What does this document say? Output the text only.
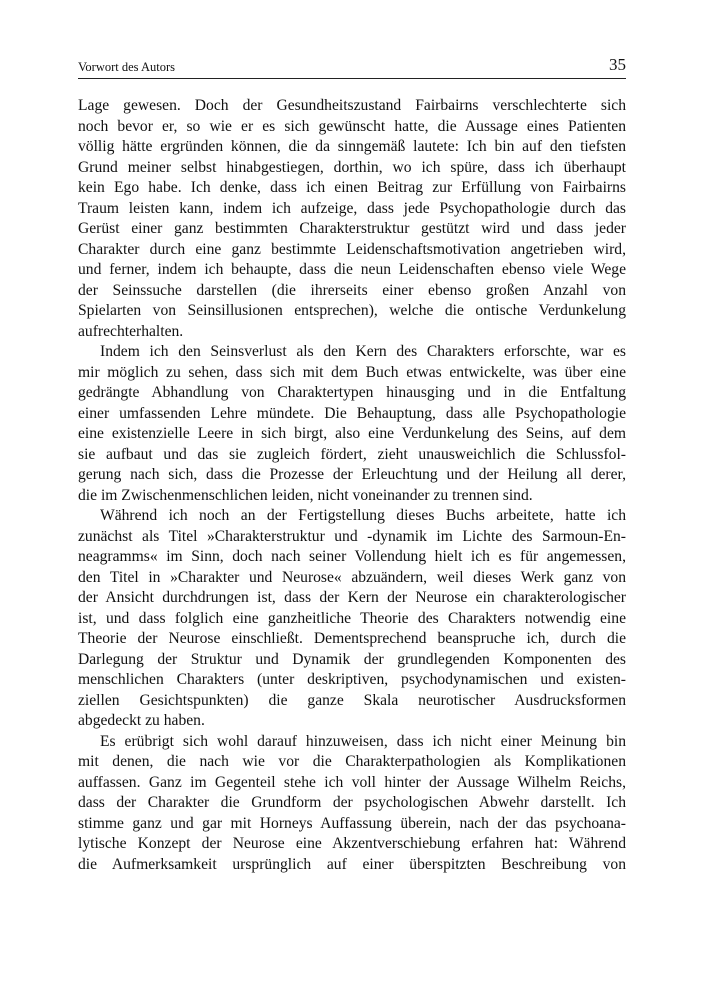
Vorwort des Autors	35
Lage gewesen. Doch der Gesundheitszustand Fairbairns verschlechterte sich
noch bevor er, so wie er es sich gewünscht hatte, die Aussage eines Patienten
völlig hätte ergründen können, die da sinngemäß lautete: Ich bin auf den tiefsten
Grund meiner selbst hinabgestiegen, dorthin, wo ich spüre, dass ich überhaupt
kein Ego habe. Ich denke, dass ich einen Beitrag zur Erfüllung von Fairbairns
Traum leisten kann, indem ich aufzeige, dass jede Psychopathologie durch das
Gerüst einer ganz bestimmten Charakterstruktur gestützt wird und dass jeder
Charakter durch eine ganz bestimmte Leidenschaftsmotivation angetrieben wird,
und ferner, indem ich behaupte, dass die neun Leidenschaften ebenso viele Wege
der Seinssuche darstellen (die ihrerseits einer ebenso großen Anzahl von
Spielarten von Seinsillusionen entsprechen), welche die ontische Verdunkelung
aufrechterhalten.
Indem ich den Seinsverlust als den Kern des Charakters erforschte, war es
mir möglich zu sehen, dass sich mit dem Buch etwas entwickelte, was über eine
gedrängte Abhandlung von Charaktertypen hinausging und in die Entfaltung
einer umfassenden Lehre mündete. Die Behauptung, dass alle Psychopathologie
eine existenzielle Leere in sich birgt, also eine Verdunkelung des Seins, auf dem
sie aufbaut und das sie zugleich fördert, zieht unausweichlich die Schlussfol-
gerung nach sich, dass die Prozesse der Erleuchtung und der Heilung all derer,
die im Zwischenmenschlichen leiden, nicht voneinander zu trennen sind.
Während ich noch an der Fertigstellung dieses Buchs arbeitete, hatte ich
zunächst als Titel »Charakterstruktur und -dynamik im Lichte des Sarmoun-En-
neagramms« im Sinn, doch nach seiner Vollendung hielt ich es für angemessen,
den Titel in »Charakter und Neurose« abzuändern, weil dieses Werk ganz von
der Ansicht durchdrungen ist, dass der Kern der Neurose ein charakterologischer
ist, und dass folglich eine ganzheitliche Theorie des Charakters notwendig eine
Theorie der Neurose einschließt. Dementsprechend beanspruche ich, durch die
Darlegung der Struktur und Dynamik der grundlegenden Komponenten des
menschlichen Charakters (unter deskriptiven, psychodynamischen und existen-
ziellen Gesichtspunkten) die ganze Skala neurotischer Ausdrucksformen
abgedeckt zu haben.
Es erübrigt sich wohl darauf hinzuweisen, dass ich nicht einer Meinung bin
mit denen, die nach wie vor die Charakterpathologien als Komplikationen
auffassen. Ganz im Gegenteil stehe ich voll hinter der Aussage Wilhelm Reichs,
dass der Charakter die Grundform der psychologischen Abwehr darstellt. Ich
stimme ganz und gar mit Horneys Auffassung überein, nach der das psychoana-
lytische Konzept der Neurose eine Akzentverschiebung erfahren hat: Während
die Aufmerksamkeit ursprünglich auf einer überspitzten Beschreibung von
